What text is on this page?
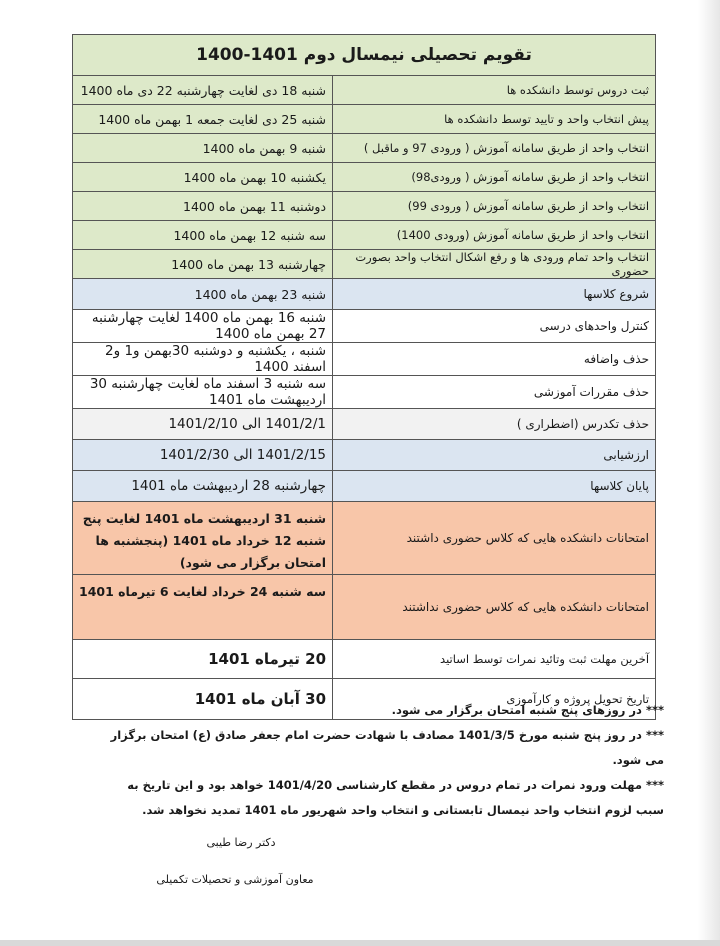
تقویم تحصیلی نیمسال دوم 1401-1400	
ثبت دروس توسط دانشکده ها	شنبه 18 دی لغایت چهارشنبه 22 دی ماه 1400
پیش انتخاب واحد و تایید توسط دانشکده ها	شنبه 25 دی لغایت جمعه 1 بهمن ماه 1400
انتخاب واحد از طریق سامانه آموزش ( ورودی 97 و ماقبل )	شنبه 9 بهمن ماه 1400
انتخاب واحد از طریق سامانه آموزش ( ورودی98)	یکشنبه 10 بهمن ماه 1400
انتخاب واحد از طریق سامانه آموزش ( ورودی 99)	دوشنبه 11 بهمن ماه 1400
انتخاب واحد از طریق سامانه آموزش (ورودی 1400)	سه شنبه 12 بهمن ماه 1400
انتخاب واحد تمام ورودی ها و رفع اشکال انتخاب واحد بصورت حضوری	چهارشنبه 13 بهمن ماه 1400
شروع کلاسها	شنبه 23 بهمن ماه 1400
کنترل واحدهای درسی	شنبه 16 بهمن ماه 1400 لغایت چهارشنبه 27 بهمن ماه 1400
حذف واضافه	شنبه ، یکشنبه و دوشنبه 30بهمن و1 و2 اسفند 1400
حذف مقررات آموزشی	سه شنبه 3 اسفند ماه لغایت چهارشنبه 30 اردیبهشت ماه 1401
حذف تکدرس (اضطراری )	1401/2/1 الی 1401/2/10
ارزشیابی	1401/2/15 الی 1401/2/30
پایان کلاسها	چهارشنبه 28 اردیبهشت ماه 1401
امتحانات دانشکده هایی که کلاس حضوری داشتند	شنبه 31 اردیبهشت ماه 1401 لغایت پنج شنبه 12 خرداد ماه 1401 (پنجشنبه ها امتحان برگزار می شود)
امتحانات دانشکده هایی که کلاس حضوری نداشتند	سه شنبه 24 خرداد لغایت 6 تیرماه 1401
آخرین مهلت ثبت وتائید نمرات توسط اساتید	20 تیرماه 1401
تاریخ تحویل پروژه و کارآموزی	30 آبان ماه 1401

*** در روزهای پنج شنبه امتحان برگزار می شود.

*** در روز پنج شنبه مورخ 1401/3/5 مصادف با شهادت حضرت امام جعفر صادق (ع) امتحان برگزار می شود.

*** مهلت ورود نمرات در تمام دروس در مقطع کارشناسی 1401/4/20 خواهد بود و این تاریخ به سبب لزوم انتخاب واحد نیمسال تابستانی و انتخاب واحد شهریور ماه 1401 تمدید نخواهد شد.

دکتر رضا طیبی
معاون آموزشی و تحصیلات تکمیلی
